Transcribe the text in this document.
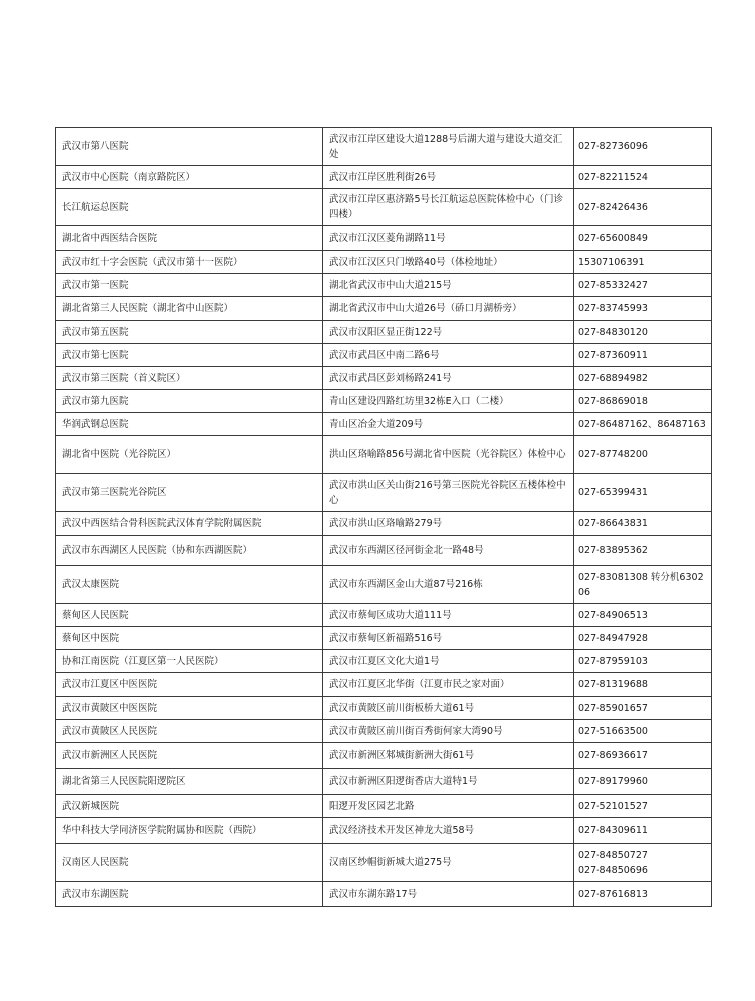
武汉市第八医院	武汉市江岸区建设大道1288号后湖大道与建设大道交汇处	027-82736096
武汉市中心医院（南京路院区）	武汉市江岸区胜利街26号	027-82211524
长江航运总医院	武汉市江岸区惠济路5号长江航运总医院体检中心（门诊四楼）	027-82426436
湖北省中西医结合医院	武汉市江汉区菱角湖路11号	027-65600849
武汉市红十字会医院（武汉市第十一医院）	武汉市江汉区只门墩路40号（体检地址）	15307106391
武汉市第一医院	湖北省武汉市中山大道215号	027-85332427
湖北省第三人民医院（湖北省中山医院）	湖北省武汉市中山大道26号（硚口月湖桥旁）	027-83745993
武汉市第五医院	武汉市汉阳区显正街122号	027-84830120
武汉市第七医院	武汉市武昌区中南二路6号	027-87360911
武汉市第三医院（首义院区）	武汉市武昌区彭刘杨路241号	027-68894982
武汉市第九医院	青山区建设四路红坊里32栋E入口（二楼）	027-86869018
华润武钢总医院	青山区冶金大道209号	027-86487162、86487163
湖北省中医院（光谷院区）	洪山区珞喻路856号湖北省中医院（光谷院区）体检中心	027-87748200
武汉市第三医院光谷院区	武汉市洪山区关山街216号第三医院光谷院区五楼体检中心	027-65399431
武汉中西医结合骨科医院武汉体育学院附属医院	武汉市洪山区珞喻路279号	027-86643831
武汉市东西湖区人民医院（协和东西湖医院）	武汉市东西湖区径河街金北一路48号	027-83895362
武汉太康医院	武汉市东西湖区金山大道87号216栋	027-83081308 转分机630206
蔡甸区人民医院	武汉市蔡甸区成功大道111号	027-84906513
蔡甸区中医院	武汉市蔡甸区新福路516号	027-84947928
协和江南医院（江夏区第一人民医院）	武汉市江夏区文化大道1号	027-87959103
武汉市江夏区中医医院	武汉市江夏区北华街（江夏市民之家对面）	027-81319688
武汉市黄陂区中医医院	武汉市黄陂区前川街板桥大道61号	027-85901657
武汉市黄陂区人民医院	武汉市黄陂区前川街百秀街何家大湾90号	027-51663500
武汉市新洲区人民医院	武汉市新洲区邾城街新洲大街61号	027-86936617
湖北省第三人民医院阳逻院区	武汉市新洲区阳逻街香店大道特1号	027-89179960
武汉新城医院	阳逻开发区园艺北路	027-52101527
华中科技大学同济医学院附属协和医院（西院）	武汉经济技术开发区神龙大道58号	027-84309611
汉南区人民医院	汉南区纱帽街新城大道275号	027-84850727
027-84850696
武汉市东湖医院	武汉市东湖东路17号	027-87616813
